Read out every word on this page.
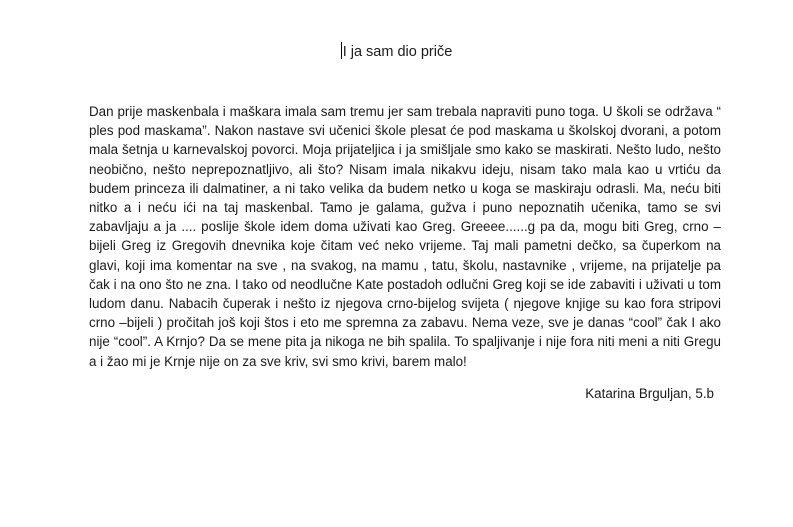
I ja sam dio priče

Dan prije maskenbala i maškara imala sam tremu jer sam trebala napraviti puno toga. U školi se održava “ ples pod maskama”. Nakon nastave svi učenici škole plesat će pod maskama u školskoj dvorani, a potom mala šetnja u karnevalskoj povorci. Moja prijateljica i ja smišljale smo kako se maskirati. Nešto ludo, nešto neobično, nešto neprepoznatljivo, ali što? Nisam imala nikakvu ideju, nisam tako mala kao u vrtiću da budem princeza ili dalmatiner, a ni tako velika da budem netko u koga se maskiraju odrasli. Ma, neću biti nitko a i neću ići na taj maskenbal. Tamo je galama, gužva i puno nepoznatih učenika, tamo se svi zabavljaju a ja .... poslije škole idem doma uživati kao Greg. Greeee......g pa da, mogu biti Greg, crno –bijeli Greg iz Gregovih dnevnika koje čitam već neko vrijeme. Taj mali pametni dečko, sa čuperkom na glavi, koji ima komentar na sve , na svakog, na mamu , tatu, školu, nastavnike , vrijeme, na prijatelje pa čak i na ono što ne zna. I tako od neodlučne Kate postadoh odlučni Greg koji se ide zabaviti i uživati u tom ludom danu. Nabacih čuperak i nešto iz njegova crno-bijelog svijeta ( njegove knjige su kao fora stripovi crno –bijeli ) pročitah još koji štos i eto me spremna za zabavu. Nema veze, sve je danas “cool” čak I ako nije “cool”. A Krnjo? Da se mene pita ja nikoga ne bih spalila. To spaljivanje i nije fora niti meni a niti Gregu a i žao mi je Krnje nije on za sve kriv, svi smo krivi, barem malo!

Katarina Brguljan, 5.b
